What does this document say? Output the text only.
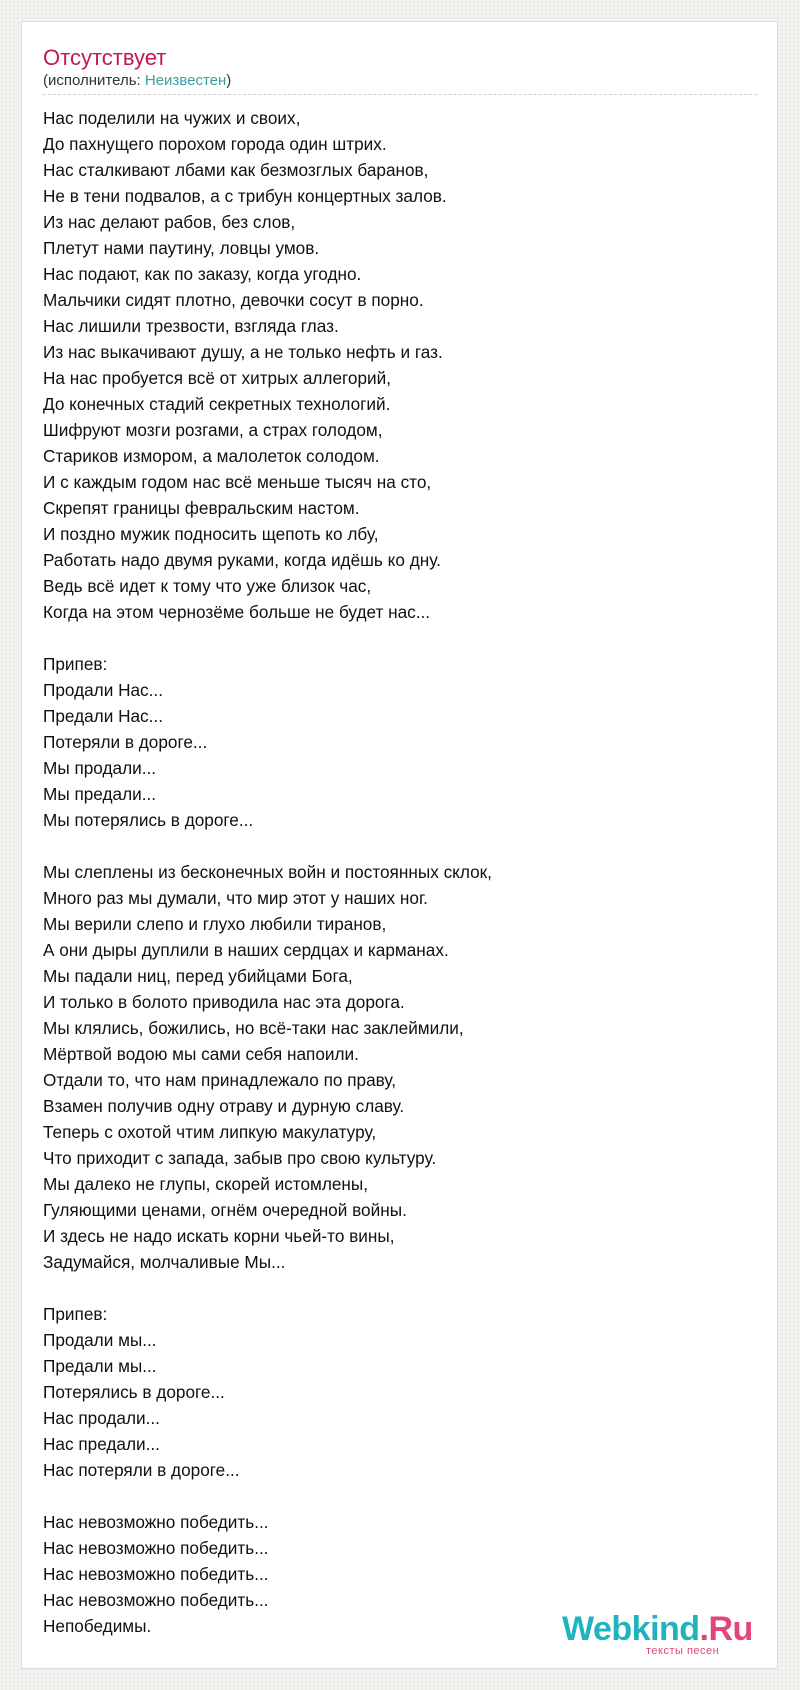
Отсутствует
(исполнитель: Неизвестен)
Нас поделили на чужих и своих,
До пахнущего порохом города один штрих.
Нас сталкивают лбами как безмозглых баранов,
Не в тени подвалов, а с трибун концертных залов.
Из нас делают рабов, без слов,
Плетут нами паутину, ловцы умов.
Нас подают, как по заказу, когда угодно.
Мальчики сидят плотно, девочки сосут в порно.
Нас лишили трезвости, взгляда глаз.
Из нас выкачивают душу, а не только нефть и газ.
На нас пробуется всё от хитрых аллегорий,
До конечных стадий секретных технологий.
Шифруют мозги розгами, а страх голодом,
Стариков измором, а малолеток солодом.
И с каждым годом нас всё меньше тысяч на сто,
Скрепят границы февральским настом.
И поздно мужик подносить щепоть ко лбу,
Работать надо двумя руками, когда идёшь ко дну.
Ведь всё идет к тому что уже близок час,
Когда на этом чернозёме больше не будет нас...
Припев:
Продали Нас...
Предали Нас...
Потеряли в дороге...
Мы продали...
Мы предали...
Мы потерялись в дороге...
Мы слеплены из бесконечных войн и постоянных склок,
Много раз мы думали, что мир этот у наших ног.
Мы верили слепо и глухо любили тиранов,
А они дыры дуплили в наших сердцах и карманах.
Мы падали ниц, перед убийцами Бога,
И только в болото приводила нас эта дорога.
Мы клялись, божились, но всё-таки нас заклеймили,
Мёртвой водою мы сами себя напоили.
Отдали то, что нам принадлежало по праву,
Взамен получив одну отраву и дурную славу.
Теперь с охотой чтим липкую макулатуру,
Что приходит с запада, забыв про свою культуру.
Мы далеко не глупы, скорей истомлены,
Гуляющими ценами, огнём очередной войны.
И здесь не надо искать корни чьей-то вины,
Задумайся, молчаливые Мы...
Припев:
Продали мы...
Предали мы...
Потерялись в дороге...
Нас продали...
Нас предали...
Нас потеряли в дороге...
Нас невозможно победить...
Нас невозможно победить...
Нас невозможно победить...
Нас невозможно победить...
Непобедимы.	Webkind.Ru
тексты песен
